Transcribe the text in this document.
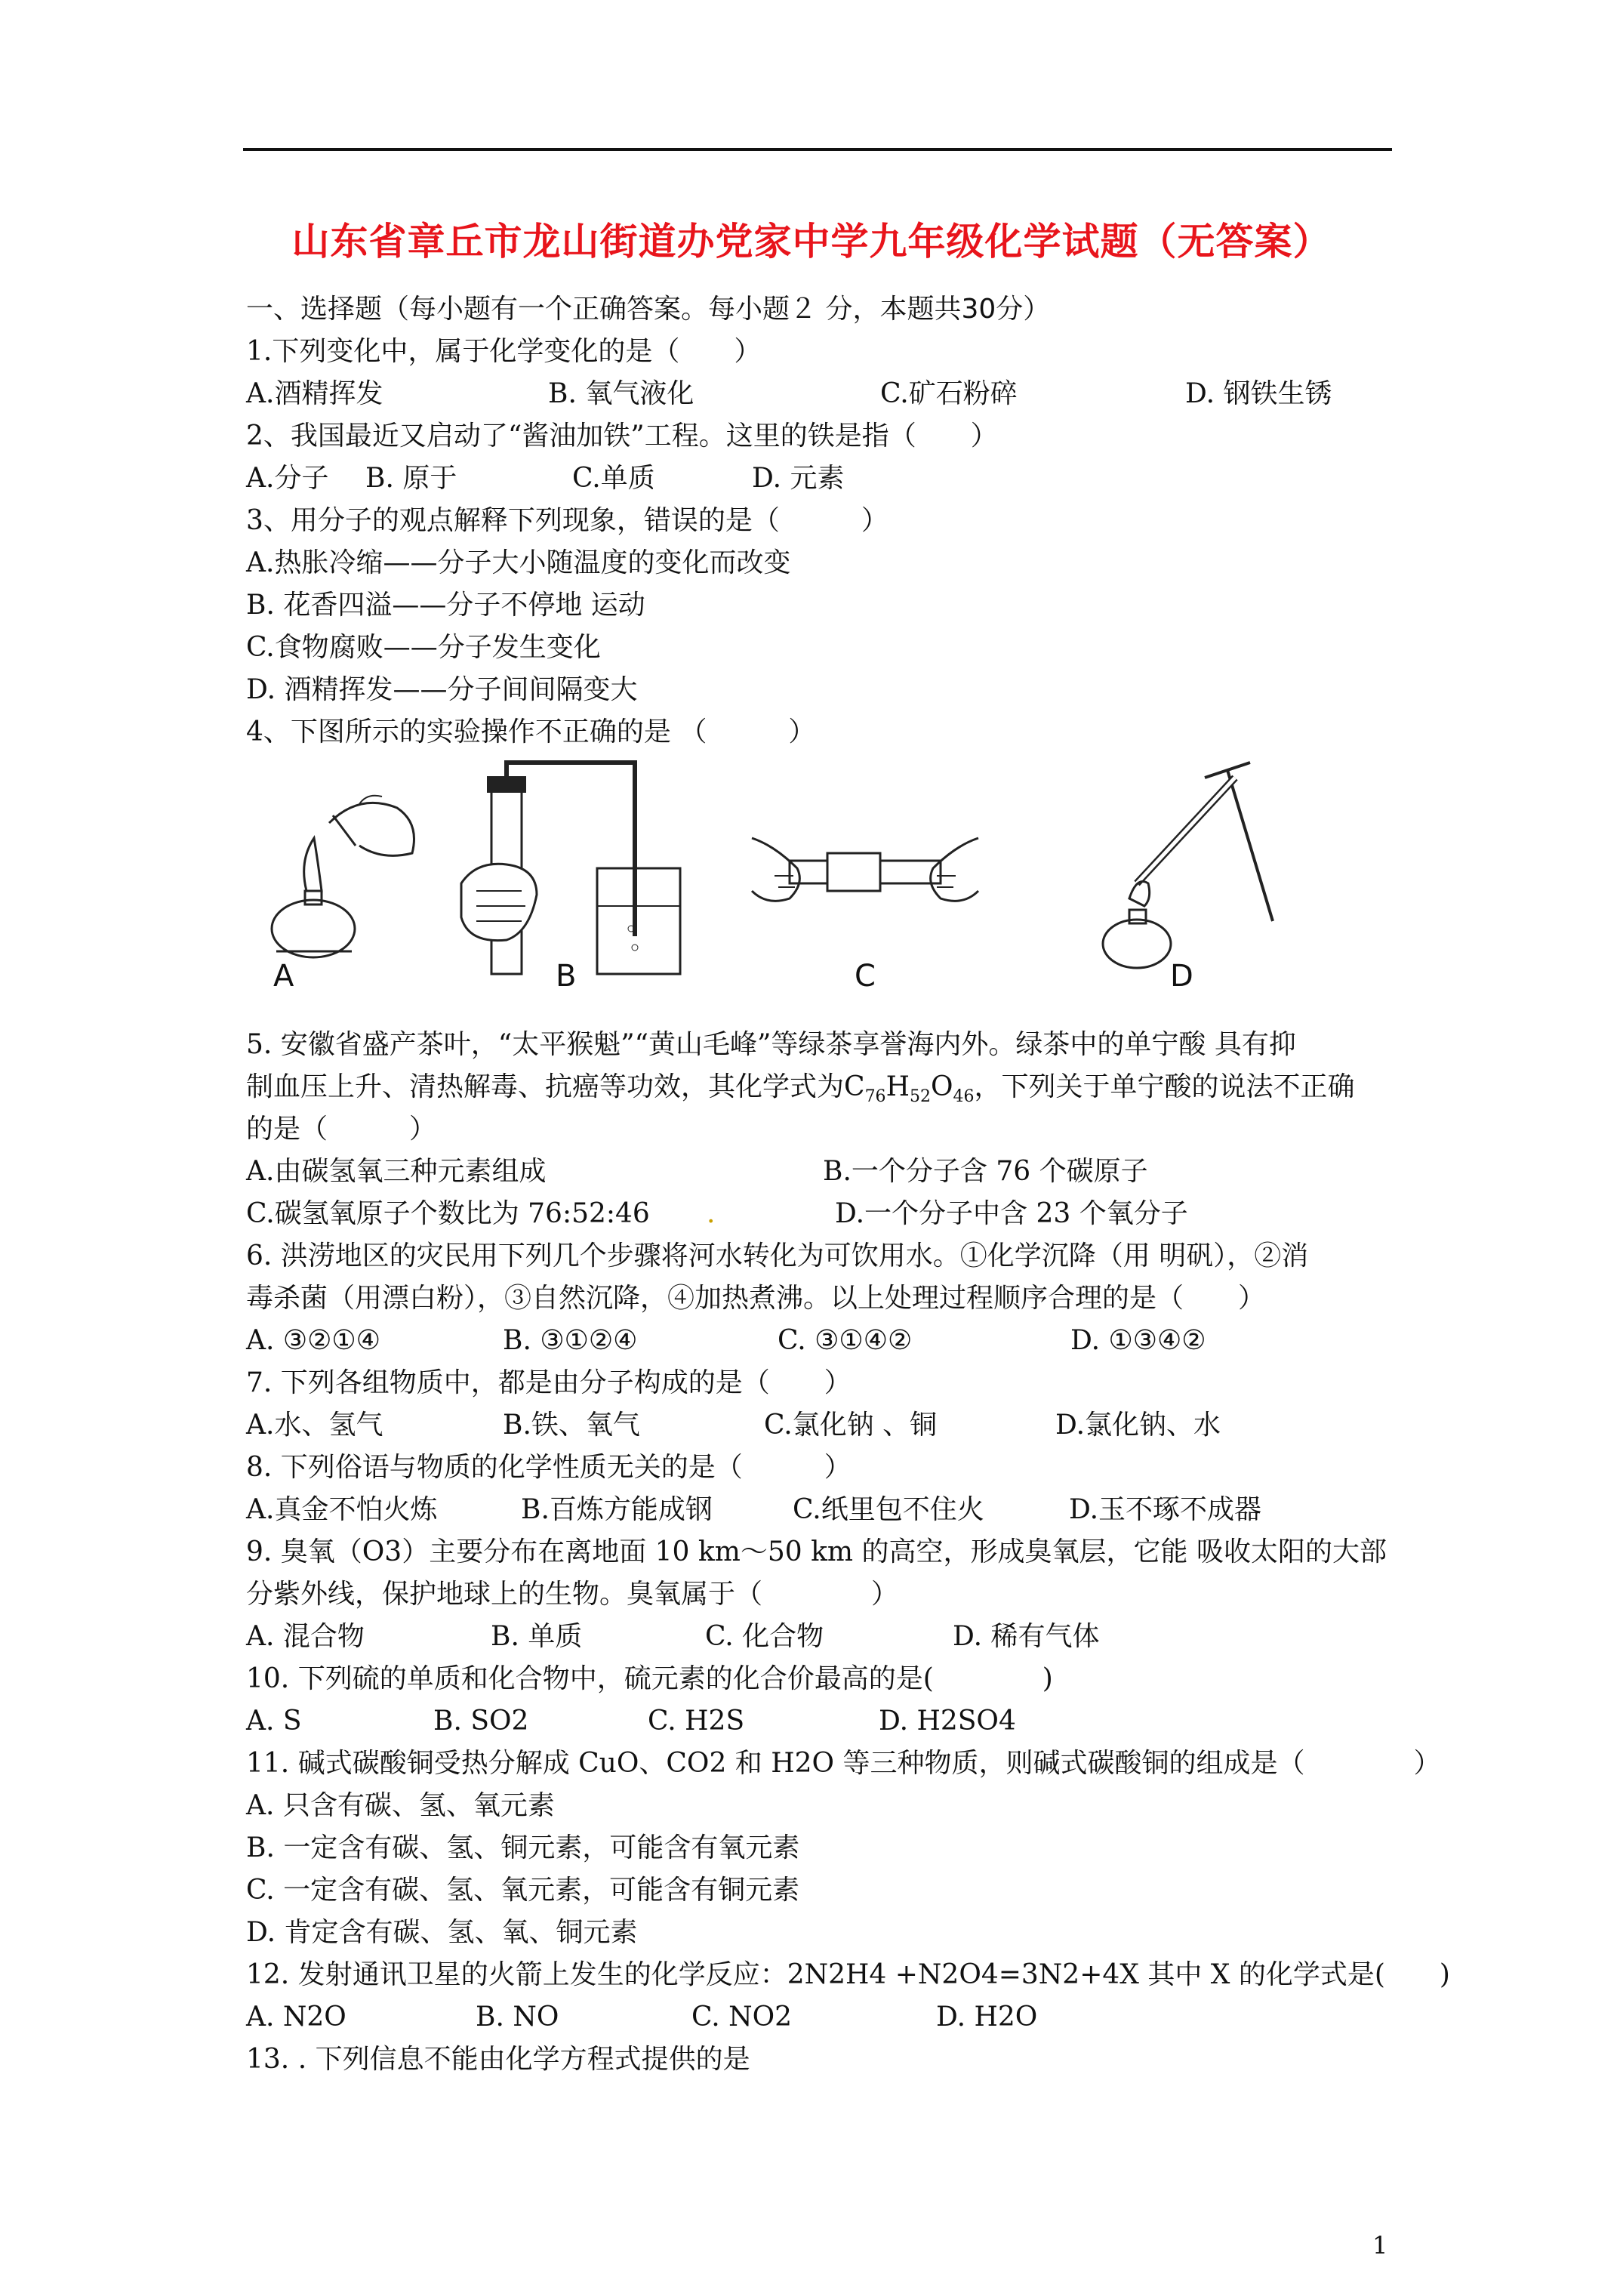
山东省章丘市龙山街道办党家中学九年级化学试题（无答案）
一、选择题（每小题有一个正确答案。每小题２ 分，本题共30分）
1.下列变化中，属于化学变化的是（　　）
A.酒精挥发	B. 氧气液化	C.矿石粉碎	D. 钢铁生锈
2、我国最近又启动了“酱油加铁”工程。这里的铁是指（　　）
A.分子 B. 原于	C.单质	D. 元素
3、用分子的观点解释下列现象，错误的是（　　　）
A.热胀冷缩——分子大小随温度的变化而改变
B. 花香四溢——分子不停地 运动
C.食物腐败——分子发生变化
D. 酒精挥发——分子间间隔变大
4、下图所示的实验操作不正确的是 （　　　）
A	B	C	D
5. 安徽省盛产茶叶，“太平猴魁”“黄山毛峰”等绿茶享誉海内外。绿茶中的单宁酸 具有抑
制血压上升、清热解毒、抗癌等功效，其化学式为$C_{76}H_{52}O_{46}$，下列关于单宁酸的说法不正确
的是（　　　）
A.由碳氢氧三种元素组成	B.一个分子含 76 个碳原子
C.碳氢氧原子个数比为 76:52:46 .	D.一个分子中含 23 个氧分子
6. 洪涝地区的灾民用下列几个步骤将河水转化为可饮用水。①化学沉降（用 明矾），②消
毒杀菌（用漂白粉），③自然沉降，④加热煮沸。以上处理过程顺序合理的是（　　）
A. ③②①④	B. ③①②④	C. ③①④②	D. ①③④②
7. 下列各组物质中，都是由分子构成的是（　　）
A.水、氢气	B.铁、氧气	C.氯化钠 、铜	D.氯化钠、水
8. 下列俗语与物质的化学性质无关的是（　　　）
A.真金不怕火炼	B.百炼方能成钢	C.纸里包不住火	D.玉不琢不成器
9. 臭氧（O3）主要分布在离地面 10 km～50 km 的高空，形成臭氧层，它能 吸收太阳的大部
分紫外线，保护地球上的生物。臭氧属于（　　　　）
A. 混合物	B. 单质	C. 化合物	D. 稀有气体
10. 下列硫的单质和化合物中，硫元素的化合价最高的是(　　　　)
A. S	B. SO2	C. H2S	D. H2SO4
11. 碱式碳酸铜受热分解成 CuO、CO2 和 H2O 等三种物质，则碱式碳酸铜的组成是（　　　　）
A. 只含有碳、氢、氧元素
B. 一定含有碳、氢、铜元素，可能含有氧元素
C. 一定含有碳、氢、氧元素，可能含有铜元素
D. 肯定含有碳、氢、氧、铜元素
12. 发射通讯卫星的火箭上发生的化学反应：2N2H4 +N2O4=3N2+4X 其中 X 的化学式是(　　)
A. N2O	B. NO	C. NO2	D. H2O
13. . 下列信息不能由化学方程式提供的是
1
